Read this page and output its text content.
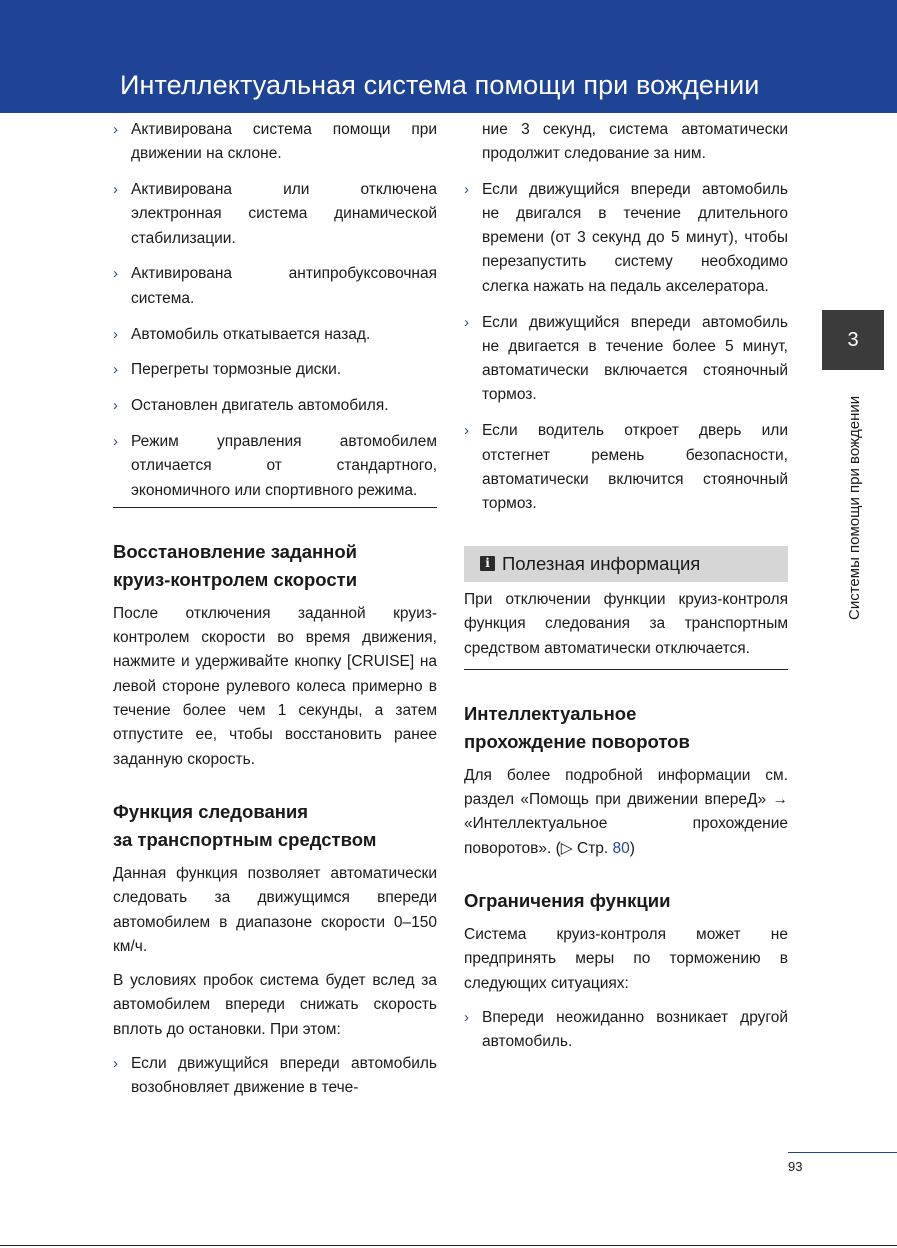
Интеллектуальная система помощи при вождении
› Активирована система помощи при движении на склоне.
› Активирована или отключена электронная система динамической стабилизации.
› Активирована антипробуксовочная система.
› Автомобиль откатывается назад.
› Перегреты тормозные диски.
› Остановлен двигатель автомобиля.
› Режим управления автомобилем отличается от стандартного, экономичного или спортивного режима.
Восстановление заданной
круиз-контролем скорости

После отключения заданной круиз-контролем скорости во время движения, нажмите и удерживайте кнопку [CRUISE] на левой стороне рулевого колеса примерно в течение более чем 1 секунды, а затем отпустите ее, чтобы восстановить ранее заданную скорость.

Функция следования
за транспортным средством

Данная функция позволяет автоматически следовать за движущимся впереди автомобилем в диапазоне скорости 0–150 км/ч.

В условиях пробок система будет вслед за автомобилем впереди снижать скорость вплоть до остановки. При этом:

› Если движущийся впереди автомобиль возобновляет движение в тече-

ние 3 секунд, система автоматически продолжит следование за ним.

› Если движущийся впереди автомобиль не двигался в течение длительного времени (от 3 секунд до 5 минут), чтобы перезапустить систему необходимо слегка нажать на педаль акселератора.
› Если движущийся впереди автомобиль не двигается в течение более 5 минут, автоматически включается стояночный тормоз.
› Если водитель откроет дверь или отстегнет ремень безопасности, автоматически включится стояночный тормоз.
i Полезная информация

При отключении функции круиз-контроля функция следования за транспортным средством автоматически отключается.

Интеллектуальное
прохождение поворотов

Для более подробной информации см. раздел «Помощь при движении впереД» → «Интеллектуальное прохождение поворотов». (▷ Стр. 80)

Ограничения функции

Система круиз-контроля может не предпринять меры по торможению в следующих ситуациях:

› Впереди неожиданно возникает другой автомобиль.
3
Системы помощи при вождении
93
